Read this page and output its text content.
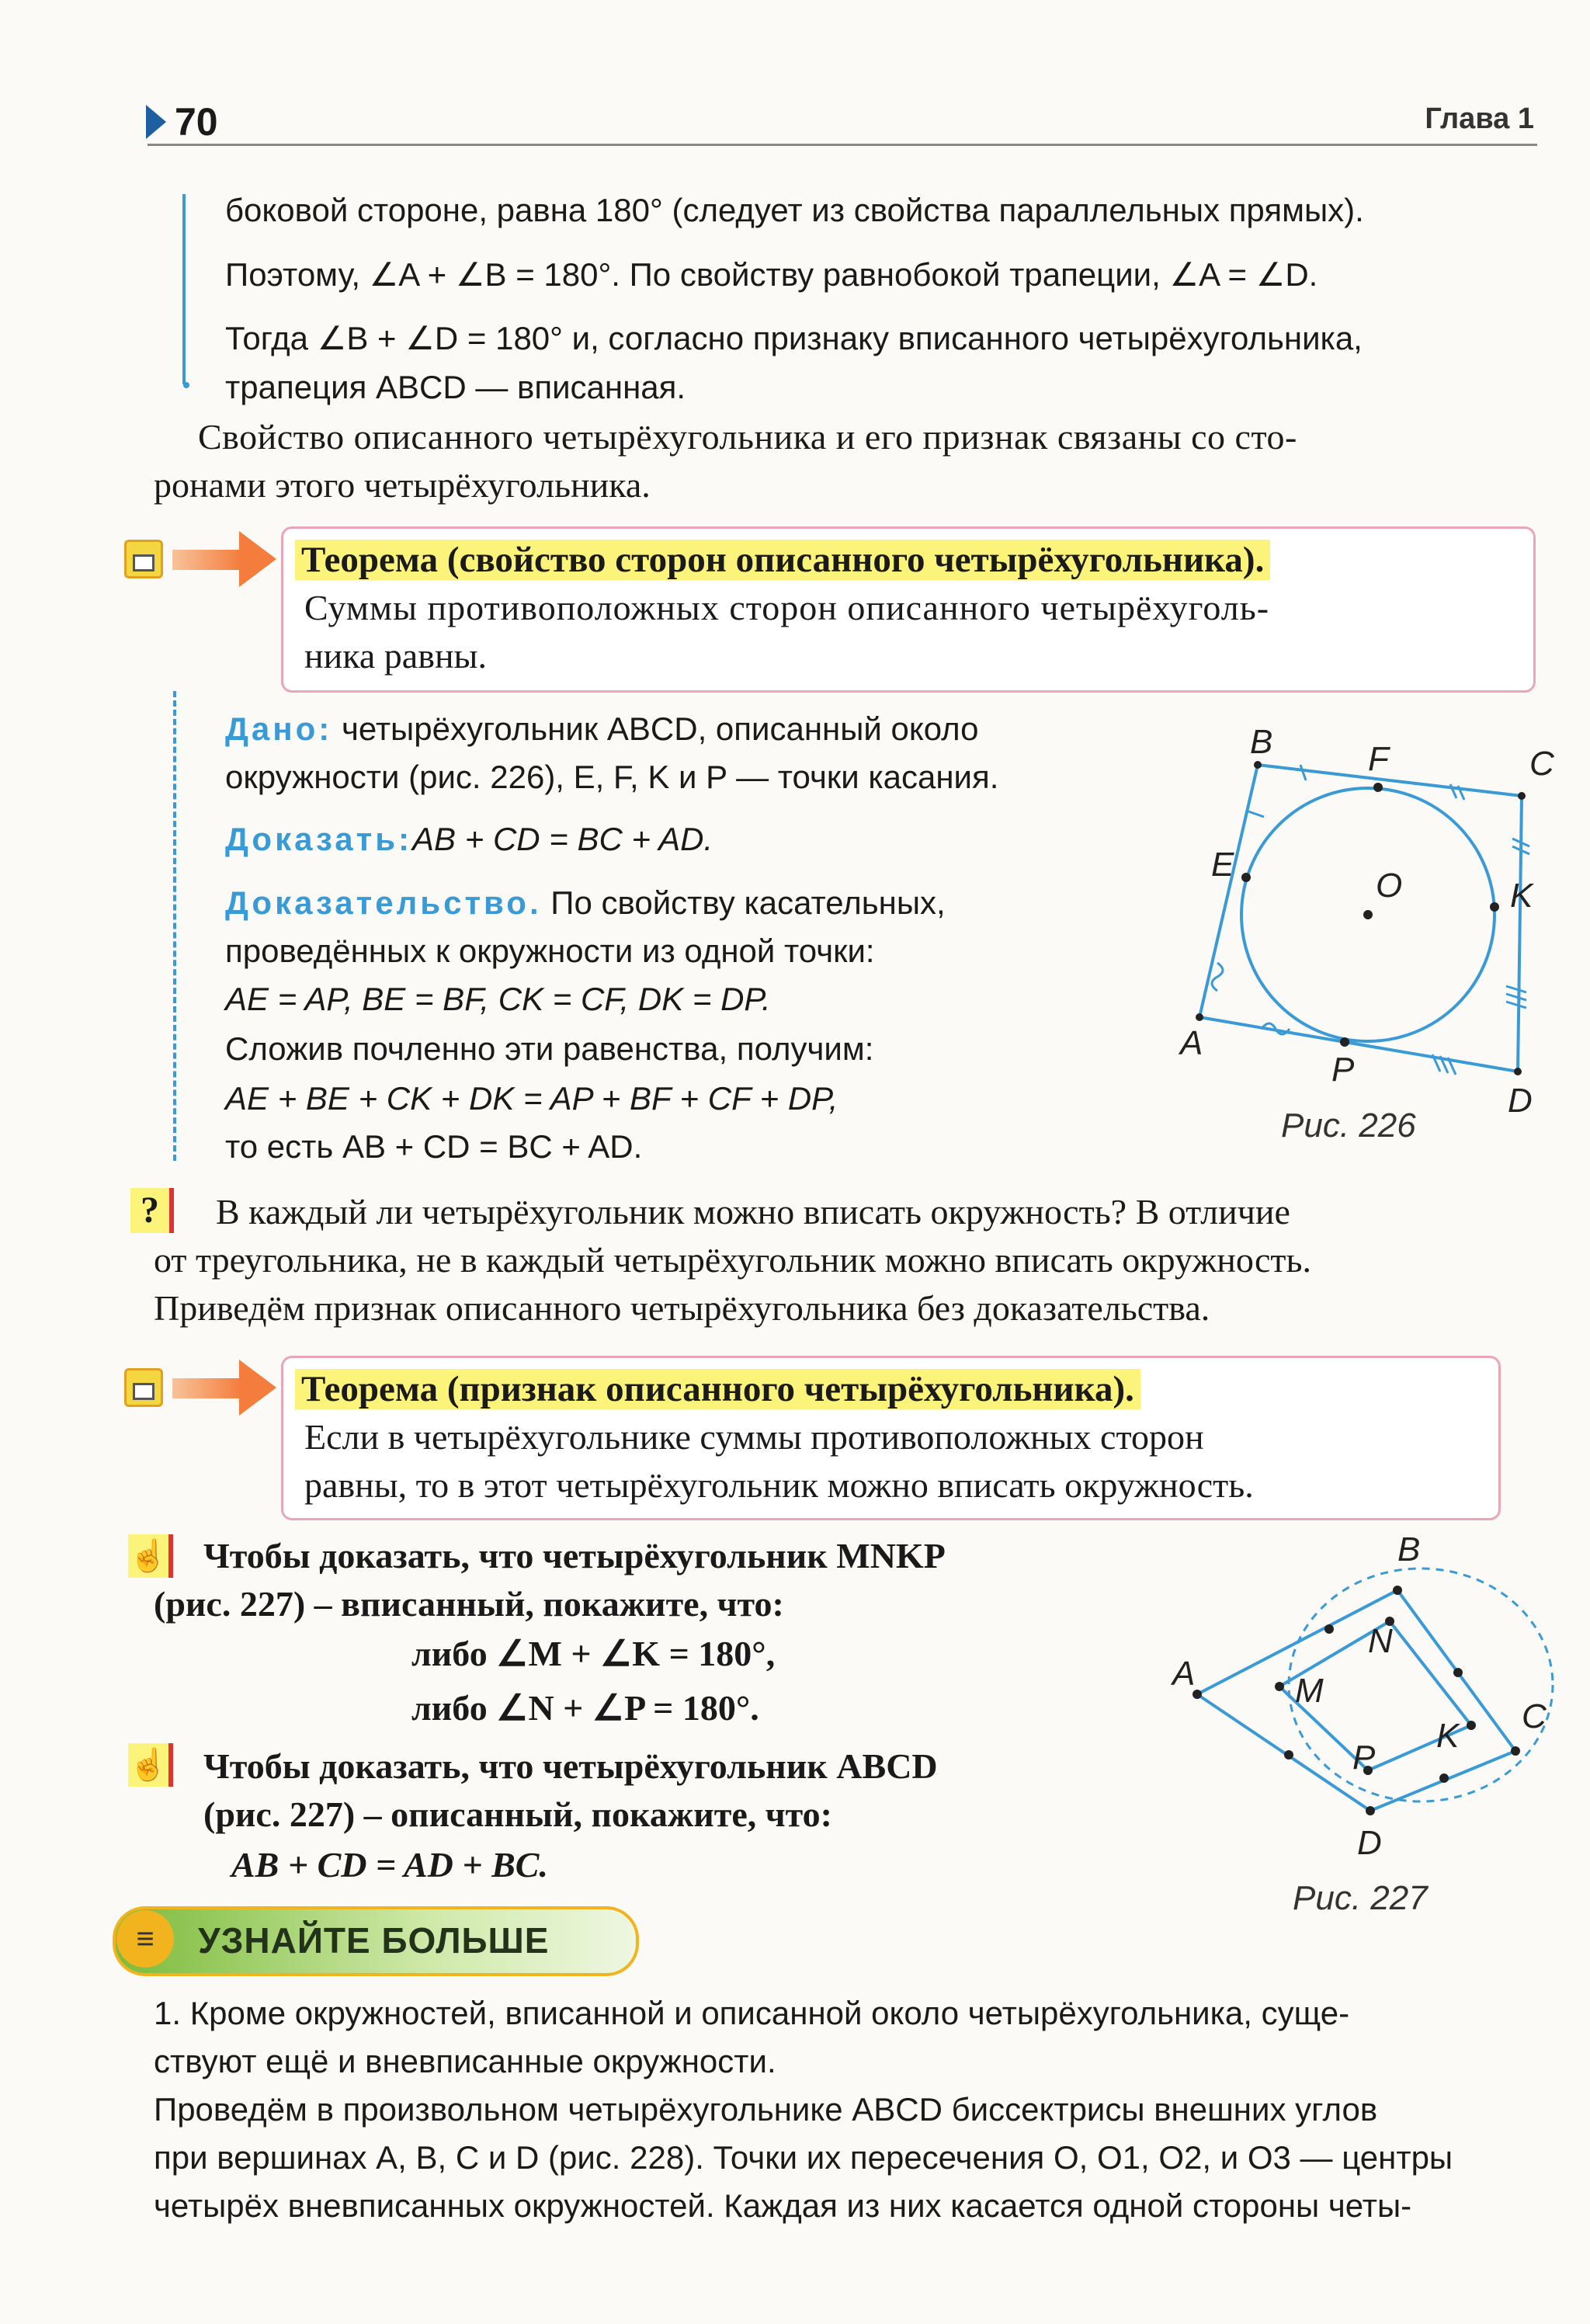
70	Глава 1
боковой стороне, равна 180° (следует из свойства параллельных прямых).
Поэтому, ∠A + ∠B = 180°. По свойству равнобокой трапеции, ∠A = ∠D.
Тогда ∠B + ∠D = 180° и, согласно признаку вписанного четырёхугольника,
трапеция ABCD — вписанная.
Свойство описанного четырёхугольника и его признак связаны со сто-
ронами этого четырёхугольника.
Теорема (свойство сторон описанного четырёхугольника).
Суммы противоположных сторон описанного четырёхуголь-
ника равны.
Дано: четырёхугольник ABCD, описанный около
окружности (рис. 226), E, F, K и P — точки касания.
Доказать:AB + CD = BC + AD.
Доказательство. По свойству касательных,
проведённых к окружности из одной точки:
AE = AP, BE = BF, CK = CF, DK = DP.
Сложив почленно эти равенства, получим:
AE + BE + CK + DK = AP + BF + CF + DP,
то есть AB + CD = BC + AD.
B	F	C
E
O	K
A
P
D
Рис. 226
?	В каждый ли четырёхугольник можно вписать окружность? В отличие
от треугольника, не в каждый четырёхугольник можно вписать окружность.
Приведём признак описанного четырёхугольника без доказательства.
Теорема (признак описанного четырёхугольника).
Если в четырёхугольнике суммы противоположных сторон
равны, то в этот четырёхугольник можно вписать окружность.
☝ Чтобы доказать, что четырёхугольник MNKP
(рис. 227) – вписанный, покажите, что:
либо ∠M + ∠K = 180°,
либо ∠N + ∠P = 180°.
☝ Чтобы доказать, что четырёхугольник ABCD
(рис. 227) – описанный, покажите, что:
AB + CD = AD + BC.
B
A
N
M
K
C
P
D
Рис. 227
≡	УЗНАЙТЕ БОЛЬШЕ
1. Кроме окружностей, вписанной и описанной около четырёхугольника, суще-
ствуют ещё и вневписанные окружности.
Проведём в произвольном четырёхугольнике ABCD биссектрисы внешних углов
при вершинах A, B, C и D (рис. 228). Точки их пересечения O, O1, O2, и O3 — центры
четырёх вневписанных окружностей. Каждая из них касается одной стороны четы-
